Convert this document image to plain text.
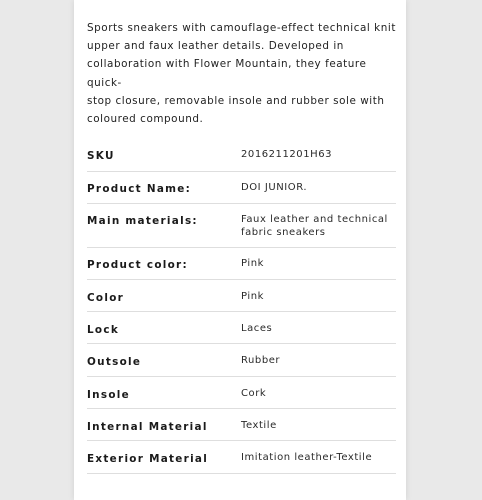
Sports sneakers with camouflage-effect technical knit
upper and faux leather details. Developed in
collaboration with Flower Mountain, they feature quick-
stop closure, removable insole and rubber sole with
coloured compound.
SKU	2016211201H63
Product Name:	DOI JUNIOR.
Main materials:	Faux leather and technical fabric sneakers
Product color:	Pink
Color	Pink
Lock	Laces
Outsole	Rubber
Insole	Cork
Internal Material	Textile
Exterior Material	Imitation leather-Textile
